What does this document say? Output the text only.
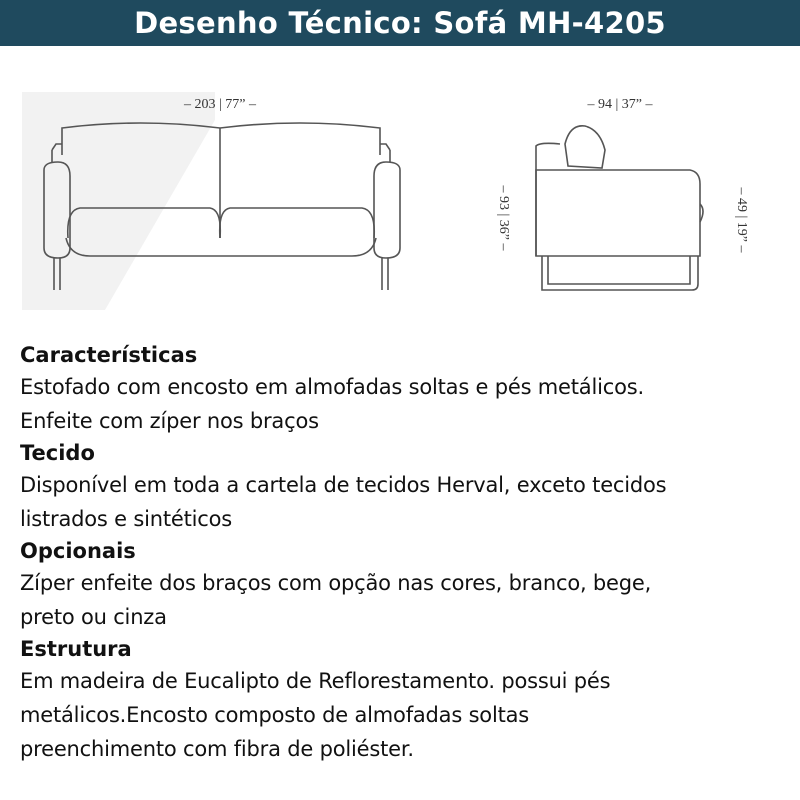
Desenho Técnico: Sofá MH-4205
– 203 | 77” –	– 94 | 37” –
– 93 | 36” –	– 49 | 19” –

Características

Estofado com encosto em almofadas soltas e pés metálicos.
Enfeite com zíper nos braços

Tecido

Disponível em toda a cartela de tecidos Herval, exceto tecidos
listrados e sintéticos

Opcionais

Zíper enfeite dos braços com opção nas cores, branco, bege,
preto ou cinza

Estrutura

Em madeira de Eucalipto de Reflorestamento. possui pés
metálicos.Encosto composto de almofadas soltas
preenchimento com fibra de poliéster.
